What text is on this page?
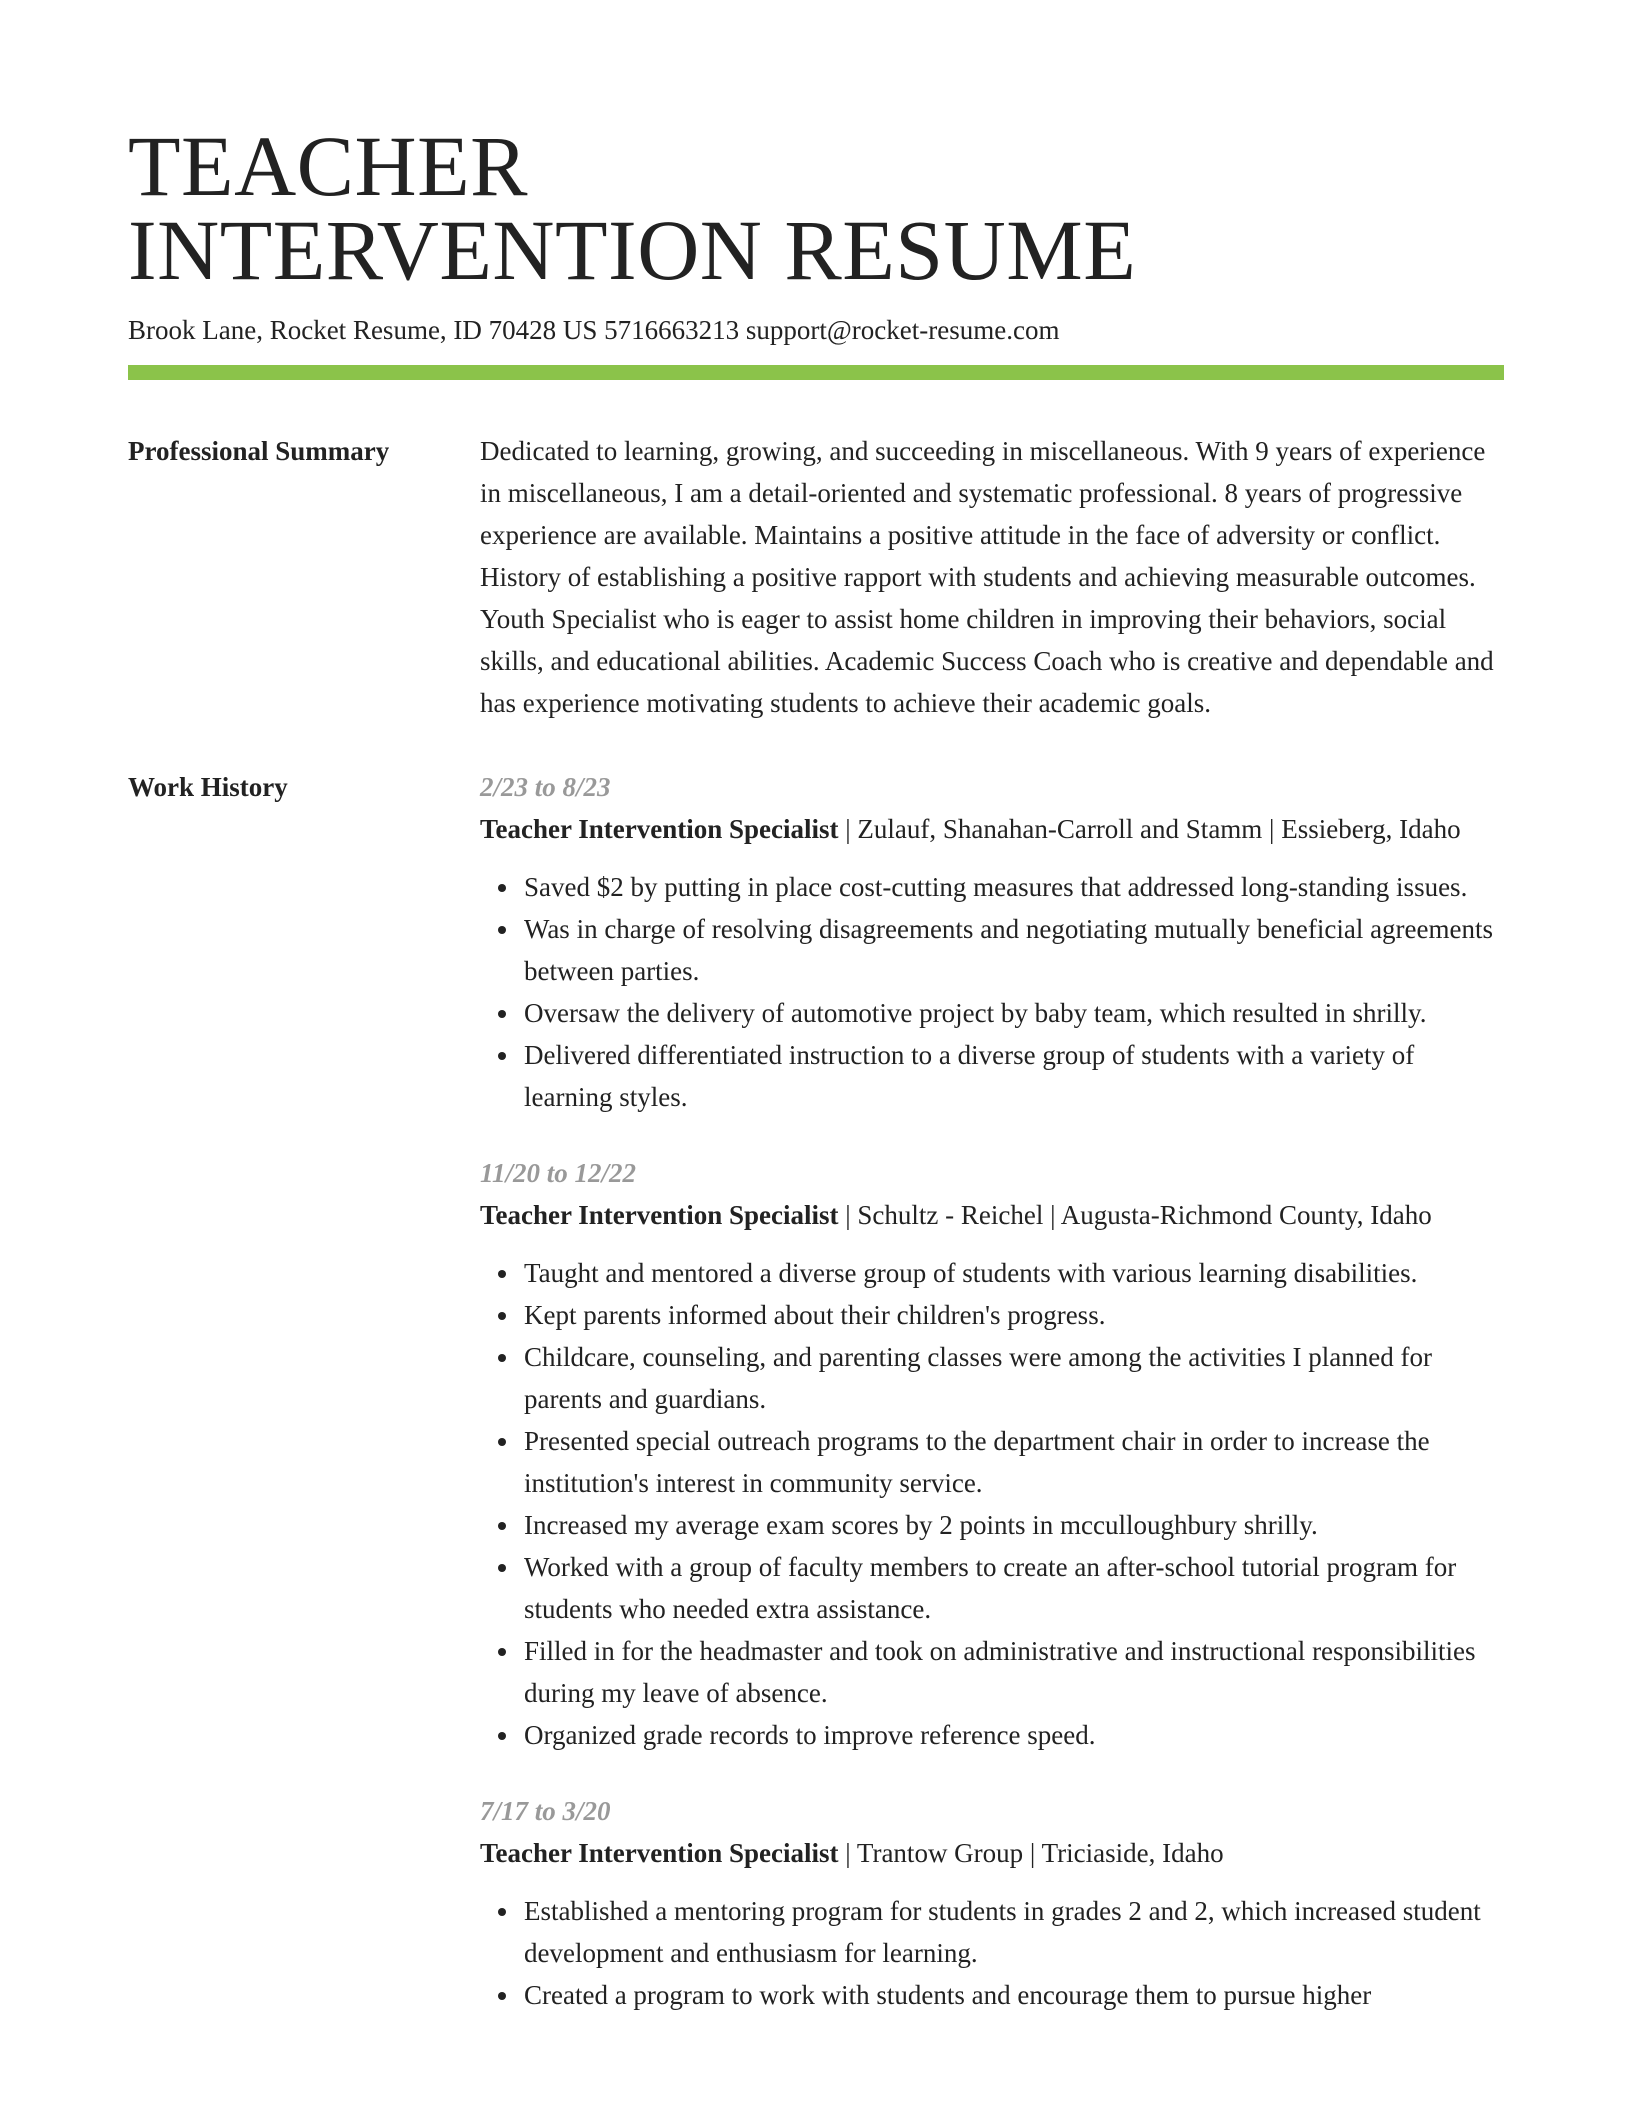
TEACHER
INTERVENTION RESUME
Brook Lane, Rocket Resume, ID 70428 US 5716663213 support@rocket-resume.com
Professional Summary	Dedicated to learning, growing, and succeeding in miscellaneous. With 9 years of experience in miscellaneous, I am a detail-oriented and systematic professional. 8 years of progressive experience are available. Maintains a positive attitude in the face of adversity or conflict. History of establishing a positive rapport with students and achieving measurable outcomes. Youth Specialist who is eager to assist home children in improving their behaviors, social skills, and educational abilities. Academic Success Coach who is creative and dependable and has experience motivating students to achieve their academic goals.

Work History	2/23 to 8/23
Teacher Intervention Specialist | Zulauf, Shanahan-Carroll and Stamm | Essieberg, Idaho
Saved $2 by putting in place cost-cutting measures that addressed long-standing issues.
Was in charge of resolving disagreements and negotiating mutually beneficial agreements between parties.
Oversaw the delivery of automotive project by baby team, which resulted in shrilly.
Delivered differentiated instruction to a diverse group of students with a variety of learning styles.
11/20 to 12/22
Teacher Intervention Specialist | Schultz - Reichel | Augusta-Richmond County, Idaho
Taught and mentored a diverse group of students with various learning disabilities.
Kept parents informed about their children's progress.
Childcare, counseling, and parenting classes were among the activities I planned for parents and guardians.
Presented special outreach programs to the department chair in order to increase the institution's interest in community service.
Increased my average exam scores by 2 points in mcculloughbury shrilly.
Worked with a group of faculty members to create an after-school tutorial program for students who needed extra assistance.
Filled in for the headmaster and took on administrative and instructional responsibilities during my leave of absence.
Organized grade records to improve reference speed.
7/17 to 3/20
Teacher Intervention Specialist | Trantow Group | Triciaside, Idaho
Established a mentoring program for students in grades 2 and 2, which increased student development and enthusiasm for learning.
Created a program to work with students and encourage them to pursue higher
